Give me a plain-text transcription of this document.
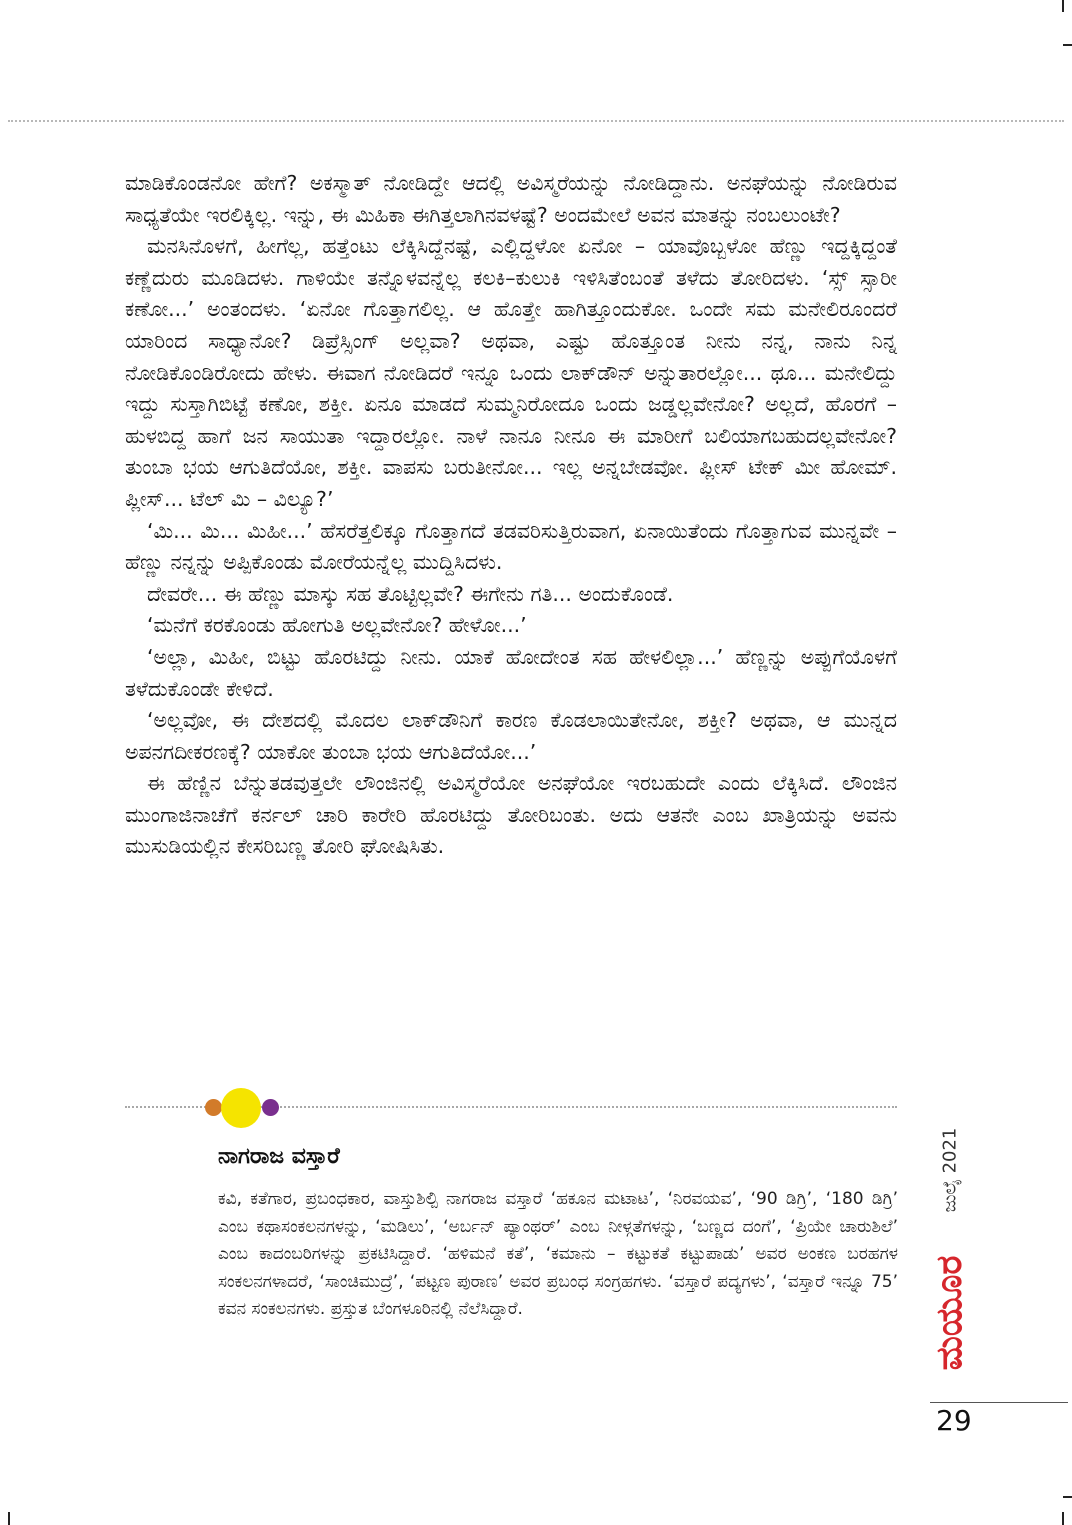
ಮಾಡಿಕೊಂಡನೋ ಹೇಗೆ? ಅಕಸ್ಮಾತ್ ನೋಡಿದ್ದೇ ಆದಲ್ಲಿ ಅವಿಸ್ಮರೆಯನ್ನು ನೋಡಿದ್ದಾನು. ಅನಘೆಯನ್ನು ನೋಡಿರುವ ಸಾಧ್ಯತೆಯೇ ಇರಲಿಕ್ಕಿಲ್ಲ. ಇನ್ನು, ಈ ಮಿಹಿಕಾ ಈಗಿತ್ತಲಾಗಿನವಳಷ್ಟೆ? ಅಂದಮೇಲೆ ಅವನ ಮಾತನ್ನು ನಂಬಲುಂಟೇ?

ಮನಸಿನೊಳಗೆ, ಹೀಗೆಲ್ಲ, ಹತ್ತೆಂಟು ಲೆಕ್ಕಿಸಿದ್ದೆನಷ್ಟೆ, ಎಲ್ಲಿದ್ದಳೋ ಏನೋ – ಯಾವೊಬ್ಬಳೋ ಹೆಣ್ಣು ಇದ್ದಕ್ಕಿದ್ದಂತೆ ಕಣ್ಣೆದುರು ಮೂಡಿದಳು. ಗಾಳಿಯೇ ತನ್ನೊಳವನ್ನೆಲ್ಲ ಕಲಕಿ–ಕುಲುಕಿ ಇಳಿಸಿತೆಂಬಂತೆ ತಳೆದು ತೋರಿದಳು. ‘ಸ್ಸ್ ಸ್ಸಾರೀ ಕಣೋ...’ ಅಂತಂದಳು. ‘ಏನೋ ಗೊತ್ತಾಗಲಿಲ್ಲ. ಆ ಹೊತ್ತೇ ಹಾಗಿತ್ತೂಂದುಕೋ. ಒಂದೇ ಸಮ ಮನೇಲಿರೂಂದರೆ ಯಾರಿಂದ ಸಾಧ್ಯಾನೋ? ಡಿಪ್ರೆಸ್ಸಿಂಗ್ ಅಲ್ಲವಾ? ಅಥವಾ, ಎಷ್ಟು ಹೊತ್ತೂಂತ ನೀನು ನನ್ನ, ನಾನು ನಿನ್ನ ನೋಡಿಕೊಂಡಿರೋದು ಹೇಳು. ಈವಾಗ ನೋಡಿದರೆ ಇನ್ನೂ ಒಂದು ಲಾಕ್‌ಡೌನ್ ಅನ್ನುತಾರಲ್ಲೋ... ಥೂ... ಮನೇಲಿದ್ದು ಇದ್ದು ಸುಸ್ತಾಗಿಬಿಟ್ಟೆ ಕಣೋ, ಶಕ್ತೀ. ಏನೂ ಮಾಡದೆ ಸುಮ್ಮನಿರೋದೂ ಒಂದು ಜಡ್ಡಲ್ಲವೇನೋ? ಅಲ್ಲದೆ, ಹೊರಗೆ – ಹುಳಬಿದ್ದ ಹಾಗೆ ಜನ ಸಾಯುತಾ ಇದ್ದಾರಲ್ಲೋ. ನಾಳೆ ನಾನೂ ನೀನೂ ಈ ಮಾರೀಗೆ ಬಲಿಯಾಗಬಹುದಲ್ಲವೇನೋ? ತುಂಬಾ ಭಯ ಆಗುತಿದೆಯೋ, ಶಕ್ತೀ. ವಾಪಸು ಬರುತೀನೋ... ಇಲ್ಲ ಅನ್ನಬೇಡವೋ. ಪ್ಲೀಸ್ ಟೇಕ್ ಮೀ ಹೋಮ್. ಪ್ಲೀಸ್... ಟೆಲ್ ಮಿ – ವಿಲ್ಯೂ?’

‘ಮಿ... ಮಿ... ಮಿಹೀ...’ ಹೆಸರೆತ್ತಲಿಕ್ಕೂ ಗೊತ್ತಾಗದೆ ತಡವರಿಸುತ್ತಿರುವಾಗ, ಏನಾಯಿತೆಂದು ಗೊತ್ತಾಗುವ ಮುನ್ನವೇ – ಹೆಣ್ಣು ನನ್ನನ್ನು ಅಪ್ಪಿಕೊಂಡು ಮೋರೆಯನ್ನೆಲ್ಲ ಮುದ್ದಿಸಿದಳು.

ದೇವರೇ... ಈ ಹೆಣ್ಣು ಮಾಸ್ಕು ಸಹ ತೊಟ್ಟಿಲ್ಲವೇ? ಈಗೇನು ಗತಿ... ಅಂದುಕೊಂಡೆ.

‘ಮನೆಗೆ ಕರಕೊಂಡು ಹೋಗುತಿ ಅಲ್ಲವೇನೋ? ಹೇಳೋ...’

‘ಅಲ್ಲಾ, ಮಿಹೀ, ಬಿಟ್ಟು ಹೊರಟಿದ್ದು ನೀನು. ಯಾಕೆ ಹೋದೇಂತ ಸಹ ಹೇಳಲಿಲ್ಲಾ...’ ಹೆಣ್ಣನ್ನು ಅಪ್ಪುಗೆಯೊಳಗೆ ತಳೆದುಕೊಂಡೇ ಕೇಳಿದೆ.

‘ಅಲ್ಲವೋ, ಈ ದೇಶದಲ್ಲಿ ಮೊದಲ ಲಾಕ್‌ಡೌನಿಗೆ ಕಾರಣ ಕೊಡಲಾಯಿತೇನೋ, ಶಕ್ತೀ? ಅಥವಾ, ಆ ಮುನ್ನದ ಅಪನಗದೀಕರಣಕ್ಕೆ? ಯಾಕೋ ತುಂಬಾ ಭಯ ಆಗುತಿದೆಯೋ...’

ಈ ಹೆಣ್ಣಿನ ಬೆನ್ನುತಡವುತ್ತಲೇ ಲೌಂಜಿನಲ್ಲಿ ಅವಿಸ್ಮರೆಯೋ ಅನಘೆಯೋ ಇರಬಹುದೇ ಎಂದು ಲೆಕ್ಕಿಸಿದೆ. ಲೌಂಜಿನ ಮುಂಗಾಜಿನಾಚೆಗೆ ಕರ್ನಲ್ ಚಾರಿ ಕಾರೇರಿ ಹೊರಟಿದ್ದು ತೋರಿಬಂತು. ಅದು ಆತನೇ ಎಂಬ ಖಾತ್ರಿಯನ್ನು ಅವನು ಮುಸುಡಿಯಲ್ಲಿನ ಕೇಸರಿಬಣ್ಣ ತೋರಿ ಘೋಷಿಸಿತು.

ನಾಗರಾಜ ವಸ್ತಾರೆ
ಕವಿ, ಕತೆಗಾರ, ಪ್ರಬಂಧಕಾರ, ವಾಸ್ತುಶಿಲ್ಪಿ ನಾಗರಾಜ ವಸ್ತಾರೆ ‘ಹಕೂನ ಮಟಾಟ’, ‘ನಿರವಯವ’, ‘90 ಡಿಗ್ರಿ’, ‘180 ಡಿಗ್ರಿ’ ಎಂಬ ಕಥಾಸಂಕಲನಗಳನ್ನು, ‘ಮಡಿಲು’, ‘ಅರ್ಬನ್ ಪ್ಯಾಂಥರ್’ ಎಂಬ ನೀಳ್ಗತೆಗಳನ್ನು, ‘ಬಣ್ಣದ ದಂಗೆ’, ‘ಪ್ರಿಯೇ ಚಾರುಶಿಲೆ’ ಎಂಬ ಕಾದಂಬರಿಗಳನ್ನು ಪ್ರಕಟಿಸಿದ್ದಾರೆ. ‘ಹಳಿಮನೆ ಕತೆ’, ‘ಕಮಾನು – ಕಟ್ಟುಕತೆ ಕಟ್ಟುಪಾಡು’ ಅವರ ಅಂಕಣ ಬರಹಗಳ ಸಂಕಲನಗಳಾದರೆ, ‘ಸಾಂಚಿಮುದ್ರೆ’, ‘ಪಟ್ಟಣ ಪುರಾಣ’ ಅವರ ಪ್ರಬಂಧ ಸಂಗ್ರಹಗಳು. ‘ವಸ್ತಾರೆ ಪದ್ಯಗಳು’, ‘ವಸ್ತಾರೆ ಇನ್ನೂ 75’ ಕವನ ಸಂಕಲನಗಳು. ಪ್ರಸ್ತುತ ಬೆಂಗಳೂರಿನಲ್ಲಿ ನೆಲೆಸಿದ್ದಾರೆ.
ಜುಲೈ 2021
ಮಯೂರ
29
